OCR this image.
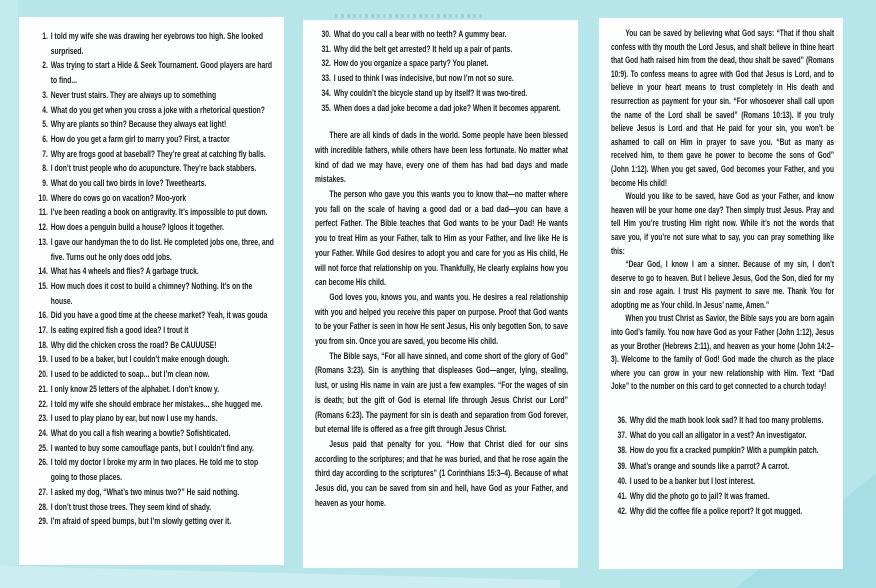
1. I told my wife she was drawing her eyebrows too high. She looked surprised.
2. Was trying to start a Hide & Seek Tournament. Good players are hard to find...
3. Never trust stairs. They are always up to something
4. What do you get when you cross a joke with a rhetorical question?
5. Why are plants so thin? Because they always eat light!
6. How do you get a farm girl to marry you? First, a tractor
7. Why are frogs good at baseball? They’re great at catching fly balls.
8. I don’t trust people who do acupuncture. They’re back stabbers.
9. What do you call two birds in love? Tweethearts.
10. Where do cows go on vacation? Moo-york
11. I’ve been reading a book on antigravity. It’s impossible to put down.
12. How does a penguin build a house? Igloos it together.
13. I gave our handyman the to do list. He completed jobs one, three, and five. Turns out he only does odd jobs.
14. What has 4 wheels and flies? A garbage truck.
15. How much does it cost to build a chimney? Nothing. It’s on the house.
16. Did you have a good time at the cheese market? Yeah, it was gouda
17. Is eating expired fish a good idea? I trout it
18. Why did the chicken cross the road? Be CAUUUSE!
19. I used to be a baker, but I couldn’t make enough dough.
20. I used to be addicted to soap... but I’m clean now.
21. I only know 25 letters of the alphabet. I don’t know y.
22. I told my wife she should embrace her mistakes... she hugged me.
23. I used to play piano by ear, but now I use my hands.
24. What do you call a fish wearing a bowtie? Sofishticated.
25. I wanted to buy some camouflage pants, but I couldn’t find any.
26. I told my doctor I broke my arm in two places. He told me to stop going to those places.
27. I asked my dog, “What’s two minus two?” He said nothing.
28. I don’t trust those trees. They seem kind of shady.
29. I’m afraid of speed bumps, but I’m slowly getting over it.
30. What do you call a bear with no teeth? A gummy bear.
31. Why did the belt get arrested? It held up a pair of pants.
32. How do you organize a space party? You planet.
33. I used to think I was indecisive, but now I’m not so sure.
34. Why couldn’t the bicycle stand up by itself? It was two-tired.
35. When does a dad joke become a dad joke? When it becomes apparent.

There are all kinds of dads in the world. Some people have been blessed with incredible fathers, while others have been less fortunate. No matter what kind of dad we may have, every one of them has had bad days and made mistakes.

The person who gave you this wants you to know that—no matter where you fall on the scale of having a good dad or a bad dad—you can have a perfect Father. The Bible teaches that God wants to be your Dad! He wants you to treat Him as your Father, talk to Him as your Father, and live like He is your Father. While God desires to adopt you and care for you as His child, He will not force that relationship on you. Thankfully, He clearly explains how you can become His child.

God loves you, knows you, and wants you. He desires a real relationship with you and helped you receive this paper on purpose. Proof that God wants to be your Father is seen in how He sent Jesus, His only begotten Son, to save you from sin. Once you are saved, you become His child.

The Bible says, “For all have sinned, and come short of the glory of God” (Romans 3:23). Sin is anything that displeases God—anger, lying, stealing, lust, or using His name in vain are just a few examples. “For the wages of sin is death; but the gift of God is eternal life through Jesus Christ our Lord” (Romans 6:23). The payment for sin is death and separation from God forever, but eternal life is offered as a free gift through Jesus Christ.

Jesus paid that penalty for you. “How that Christ died for our sins according to the scriptures; and that he was buried, and that he rose again the third day according to the scriptures” (1 Corinthians 15:3–4). Because of what Jesus did, you can be saved from sin and hell, have God as your Father, and heaven as your home.

You can be saved by believing what God says: “That if thou shalt confess with thy mouth the Lord Jesus, and shalt believe in thine heart that God hath raised him from the dead, thou shalt be saved” (Romans 10:9). To confess means to agree with God that Jesus is Lord, and to believe in your heart means to trust completely in His death and resurrection as payment for your sin. “For whosoever shall call upon the name of the Lord shall be saved” (Romans 10:13). If you truly believe Jesus is Lord and that He paid for your sin, you won’t be ashamed to call on Him in prayer to save you. “But as many as received him, to them gave he power to become the sons of God” (John 1:12). When you get saved, God becomes your Father, and you become His child!

Would you like to be saved, have God as your Father, and know heaven will be your home one day? Then simply trust Jesus. Pray and tell Him you’re trusting Him right now. While it’s not the words that save you, if you’re not sure what to say, you can pray something like this:

“Dear God, I know I am a sinner. Because of my sin, I don’t deserve to go to heaven. But I believe Jesus, God the Son, died for my sin and rose again. I trust His payment to save me. Thank You for adopting me as Your child. In Jesus’ name, Amen.”

When you trust Christ as Savior, the Bible says you are born again into God’s family. You now have God as your Father (John 1:12), Jesus as your Brother (Hebrews 2:11), and heaven as your home (John 14:2–3). Welcome to the family of God! God made the church as the place where you can grow in your new relationship with Him. Text “Dad Joke” to the number on this card to get connected to a church today!

36. Why did the math book look sad? It had too many problems.
37. What do you call an alligator in a vest? An investigator.
38. How do you fix a cracked pumpkin? With a pumpkin patch.
39. What’s orange and sounds like a parrot? A carrot.
40. I used to be a banker but I lost interest.
41. Why did the photo go to jail? It was framed.
42. Why did the coffee file a police report? It got mugged.
